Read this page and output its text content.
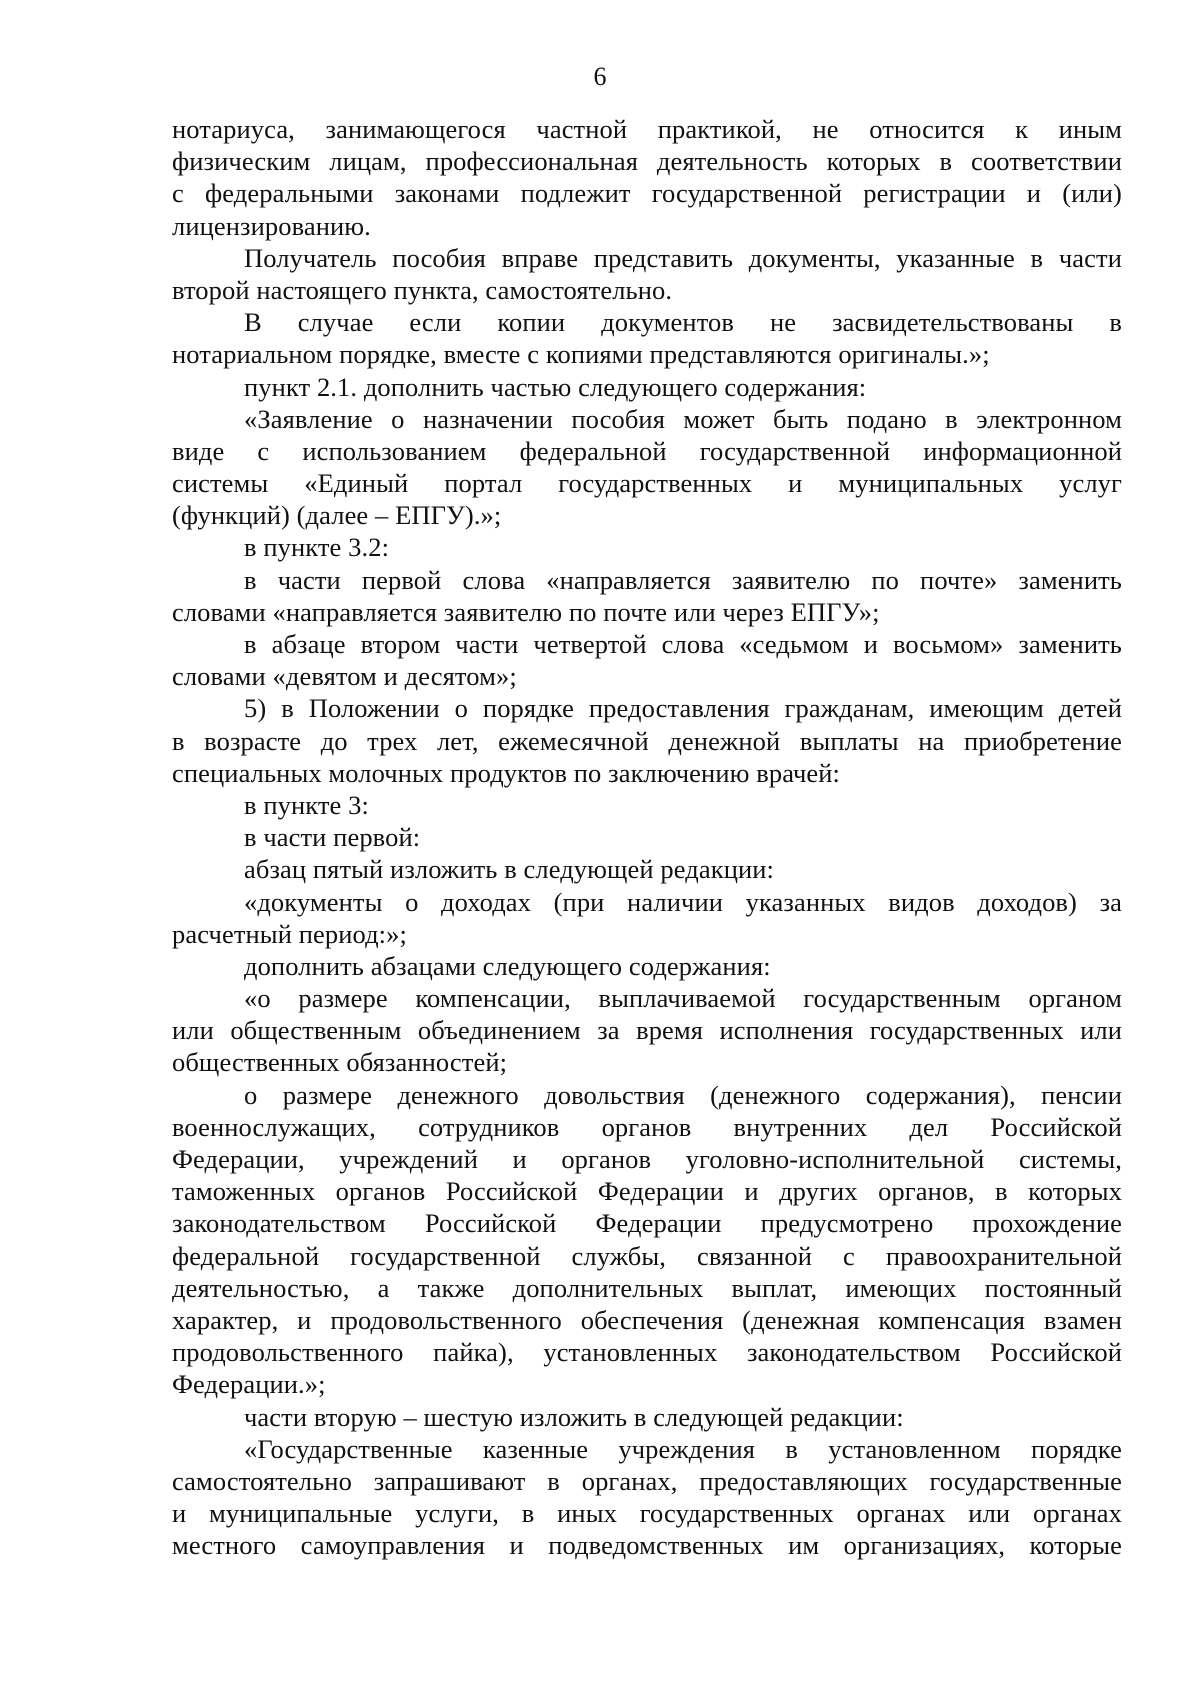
6
нотариуса, занимающегося частной практикой, не относится к иным
физическим лицам, профессиональная деятельность которых в соответствии
с федеральными законами подлежит государственной регистрации и (или)
лицензированию.
Получатель пособия вправе представить документы, указанные в части
второй настоящего пункта, самостоятельно.
В случае если копии документов не засвидетельствованы в
нотариальном порядке, вместе с копиями представляются оригиналы.»;
пункт 2.1. дополнить частью следующего содержания:
«Заявление о назначении пособия может быть подано в электронном
виде с использованием федеральной государственной информационной
системы «Единый портал государственных и муниципальных услуг
(функций) (далее – ЕПГУ).»;
в пункте 3.2:
в части первой слова «направляется заявителю по почте» заменить
словами «направляется заявителю по почте или через ЕПГУ»;
в абзаце втором части четвертой слова «седьмом и восьмом» заменить
словами «девятом и десятом»;
5) в Положении о порядке предоставления гражданам, имеющим детей
в возрасте до трех лет, ежемесячной денежной выплаты на приобретение
специальных молочных продуктов по заключению врачей:
в пункте 3:
в части первой:
абзац пятый изложить в следующей редакции:
«документы о доходах (при наличии указанных видов доходов) за
расчетный период:»;
дополнить абзацами следующего содержания:
«о размере компенсации, выплачиваемой государственным органом
или общественным объединением за время исполнения государственных или
общественных обязанностей;
о размере денежного довольствия (денежного содержания), пенсии
военнослужащих, сотрудников органов внутренних дел Российской
Федерации, учреждений и органов уголовно-исполнительной системы,
таможенных органов Российской Федерации и других органов, в которых
законодательством Российской Федерации предусмотрено прохождение
федеральной государственной службы, связанной с правоохранительной
деятельностью, а также дополнительных выплат, имеющих постоянный
характер, и продовольственного обеспечения (денежная компенсация взамен
продовольственного пайка), установленных законодательством Российской
Федерации.»;
части вторую – шестую изложить в следующей редакции:
«Государственные казенные учреждения в установленном порядке
самостоятельно запрашивают в органах, предоставляющих государственные
и муниципальные услуги, в иных государственных органах или органах
местного самоуправления и подведомственных им организациях, которые
